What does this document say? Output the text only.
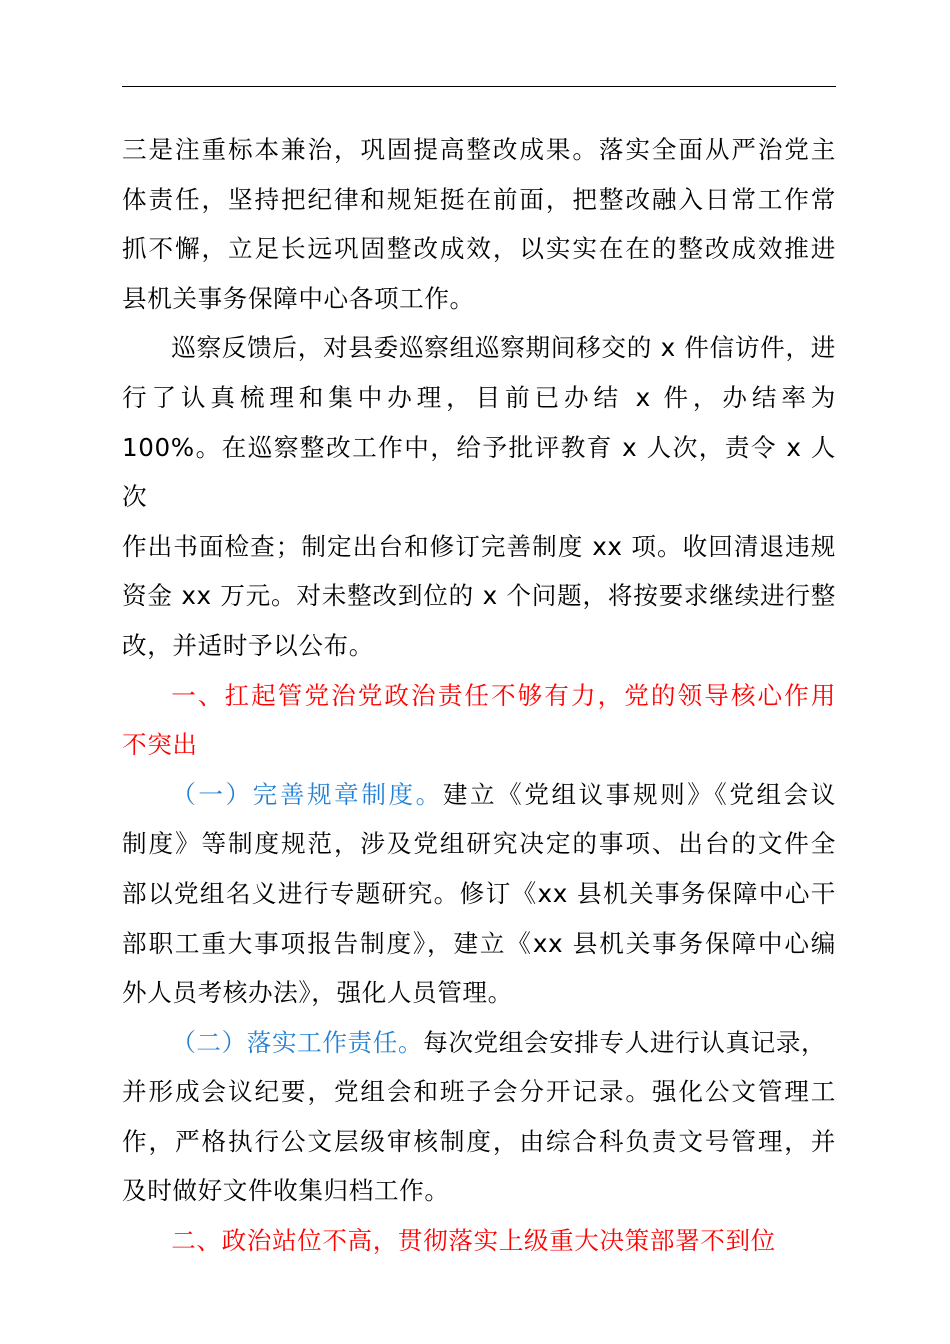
三是注重标本兼治，巩固提高整改成果。落实全面从严治党主
体责任，坚持把纪律和规矩挺在前面，把整改融入日常工作常
抓不懈，立足长远巩固整改成效，以实实在在的整改成效推进
县机关事务保障中心各项工作。
巡察反馈后，对县委巡察组巡察期间移交的 x 件信访件，进
行了认真梳理和集中办理，目前已办结 x 件，办结率为
100%。在巡察整改工作中，给予批评教育 x 人次，责令 x 人次
作出书面检查；制定出台和修订完善制度 xx 项。收回清退违规
资金 xx 万元。对未整改到位的 x 个问题，将按要求继续进行整
改，并适时予以公布。
一、扛起管党治党政治责任不够有力，党的领导核心作用
不突出
（一）完善规章制度。建立《党组议事规则》《党组会议
制度》等制度规范，涉及党组研究决定的事项、出台的文件全
部以党组名义进行专题研究。修订《xx 县机关事务保障中心干
部职工重大事项报告制度》，建立《xx 县机关事务保障中心编
外人员考核办法》，强化人员管理。
（二）落实工作责任。每次党组会安排专人进行认真记录，
并形成会议纪要，党组会和班子会分开记录。强化公文管理工
作，严格执行公文层级审核制度，由综合科负责文号管理，并
及时做好文件收集归档工作。
二、政治站位不高，贯彻落实上级重大决策部署不到位
